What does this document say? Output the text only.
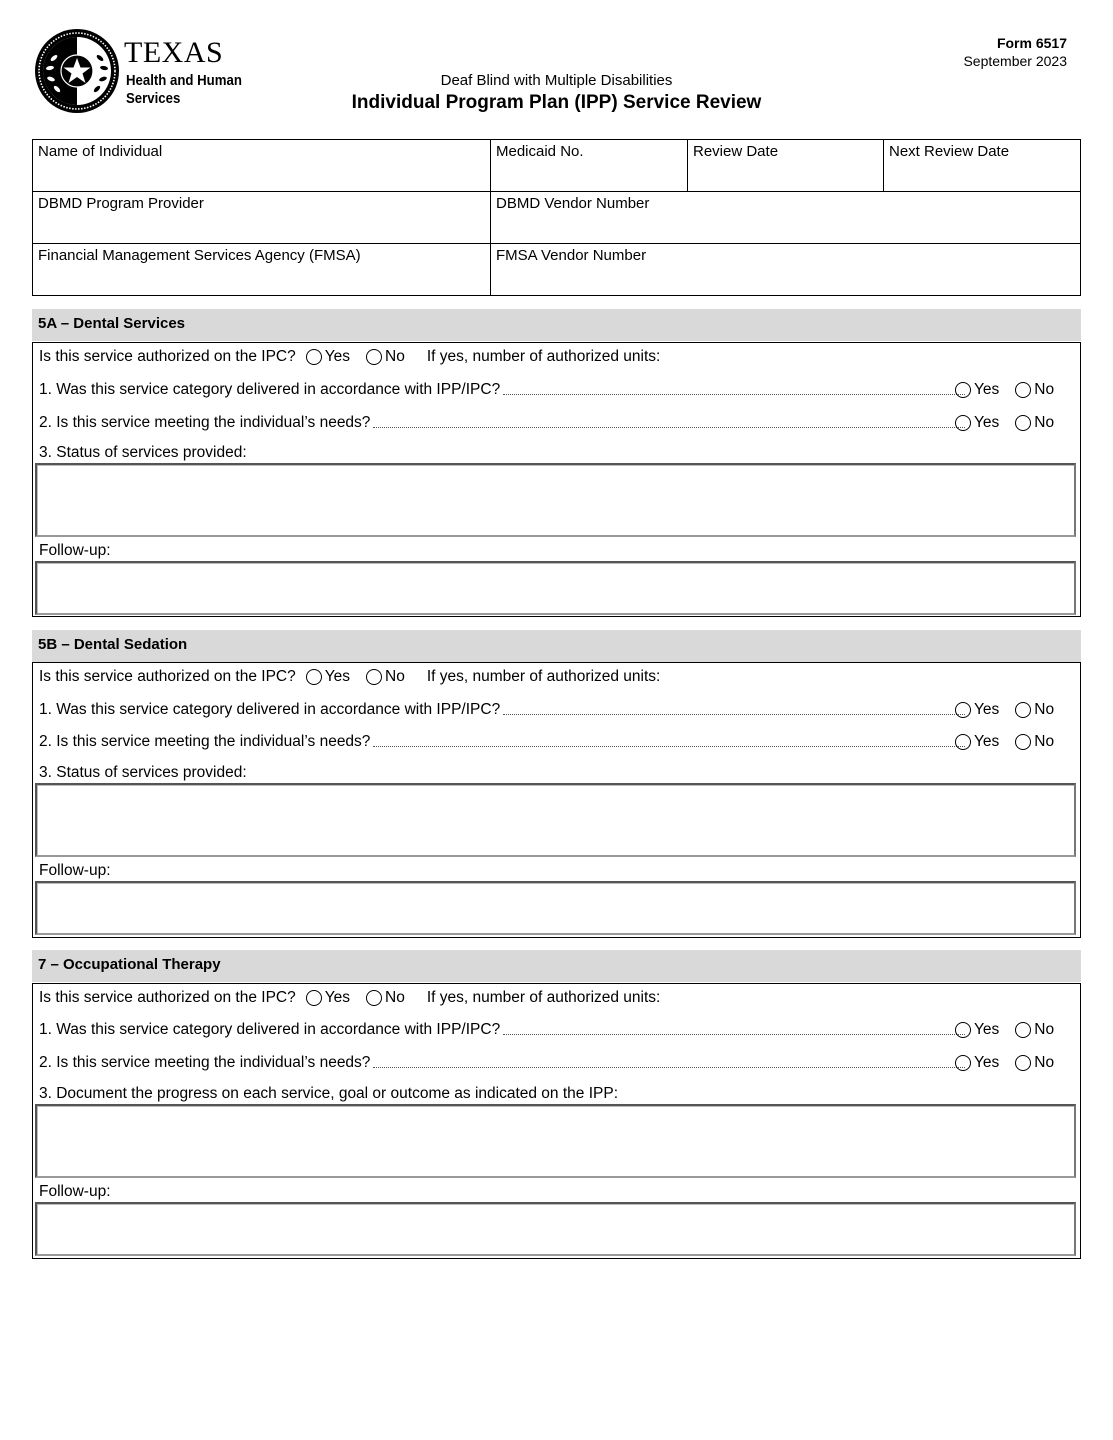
TEXAS
Health and Human
Services
Form 6517
September 2023
Deaf Blind with Multiple Disabilities
Individual Program Plan (IPP) Service Review
Name of Individual	Medicaid No.	Review Date	Next Review Date
DBMD Program Provider	DBMD Vendor Number		
Financial Management Services Agency (FMSA)	FMSA Vendor Number		
5A – Dental Services
Is this service authorized on the IPC? Yes No If yes, number of authorized units:
1. Was this service category delivered in accordance with IPP/IPC?	Yes No
2. Is this service meeting the individual’s needs?	Yes No
3. Status of services provided:
Follow-up:
5B – Dental Sedation
Is this service authorized on the IPC? Yes No If yes, number of authorized units:
1. Was this service category delivered in accordance with IPP/IPC?	Yes No
2. Is this service meeting the individual’s needs?	Yes No
3. Status of services provided:
Follow-up:
7 – Occupational Therapy
Is this service authorized on the IPC? Yes No If yes, number of authorized units:
1. Was this service category delivered in accordance with IPP/IPC?	Yes No
2. Is this service meeting the individual’s needs?	Yes No
3. Document the progress on each service, goal or outcome as indicated on the IPP:
Follow-up:
